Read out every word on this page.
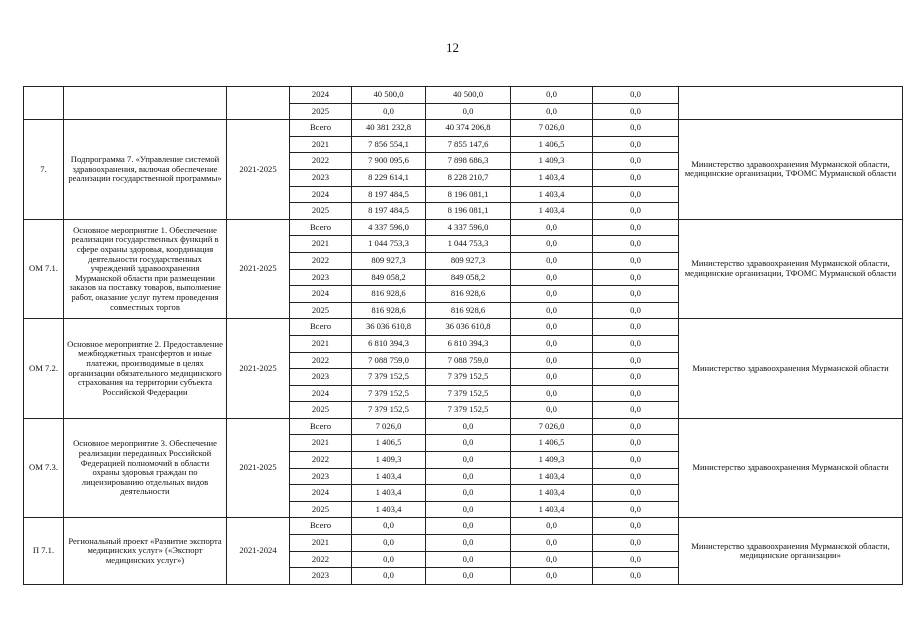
12
			2024	40 500,0	40 500,0	0,0	0,0	
			2025	0,0	0,0	0,0	0,0	
7.	Подпрограмма 7. «Управление системой здравоохранения, включая обеспечение реализации государственной программы»	2021-2025	Всего	40 381 232,8	40 374 206,8	7 026,0	0,0	Министерство здравоохранения Мурманской области, медицинские организации, ТФОМС Мурманской области
			2021	7 856 554,1	7 855 147,6	1 406,5	0,0	
			2022	7 900 095,6	7 898 686,3	1 409,3	0,0	
			2023	8 229 614,1	8 228 210,7	1 403,4	0,0	
			2024	8 197 484,5	8 196 081,1	1 403,4	0,0	
			2025	8 197 484,5	8 196 081,1	1 403,4	0,0	
ОМ 7.1.	Основное мероприятие 1. Обеспечение реализации государственных функций в сфере охраны здоровья, координация деятельности государственных учреждений здравоохранения Мурманской области при размещении заказов на поставку товаров, выполнение работ, оказание услуг путем проведения совместных торгов	2021-2025	Всего	4 337 596,0	4 337 596,0	0,0	0,0	Министерство здравоохранения Мурманской области, медицинские организации, ТФОМС Мурманской области
			2021	1 044 753,3	1 044 753,3	0,0	0,0	
			2022	809 927,3	809 927,3	0,0	0,0	
			2023	849 058,2	849 058,2	0,0	0,0	
			2024	816 928,6	816 928,6	0,0	0,0	
			2025	816 928,6	816 928,6	0,0	0,0	
ОМ 7.2.	Основное мероприятие 2. Предоставление межбюджетных трансфертов и иные платежи, производимые в целях организации обязательного медицинского страхования на территории субъекта Российской Федерации	2021-2025	Всего	36 036 610,8	36 036 610,8	0,0	0,0	Министерство здравоохранения Мурманской области
			2021	6 810 394,3	6 810 394,3	0,0	0,0	
			2022	7 088 759,0	7 088 759,0	0,0	0,0	
			2023	7 379 152,5	7 379 152,5	0,0	0,0	
			2024	7 379 152,5	7 379 152,5	0,0	0,0	
			2025	7 379 152,5	7 379 152,5	0,0	0,0	
ОМ 7.3.	Основное мероприятие 3. Обеспечение реализации переданных Российской Федерацией полномочий в области охраны здоровья граждан по лицензированию отдельных видов деятельности	2021-2025	Всего	7 026,0	0,0	7 026,0	0,0	Министерство здравоохранения Мурманской области
			2021	1 406,5	0,0	1 406,5	0,0	
			2022	1 409,3	0,0	1 409,3	0,0	
			2023	1 403,4	0,0	1 403,4	0,0	
			2024	1 403,4	0,0	1 403,4	0,0	
			2025	1 403,4	0,0	1 403,4	0,0	
П 7.1.	Региональный проект «Развитие экспорта медицинских услуг» («Экспорт медицинских услуг»)	2021-2024	Всего	0,0	0,0	0,0	0,0	Министерство здравоохранения Мурманской области, медицинские организации»
			2021	0,0	0,0	0,0	0,0	
			2022	0,0	0,0	0,0	0,0	
			2023	0,0	0,0	0,0	0,0	
